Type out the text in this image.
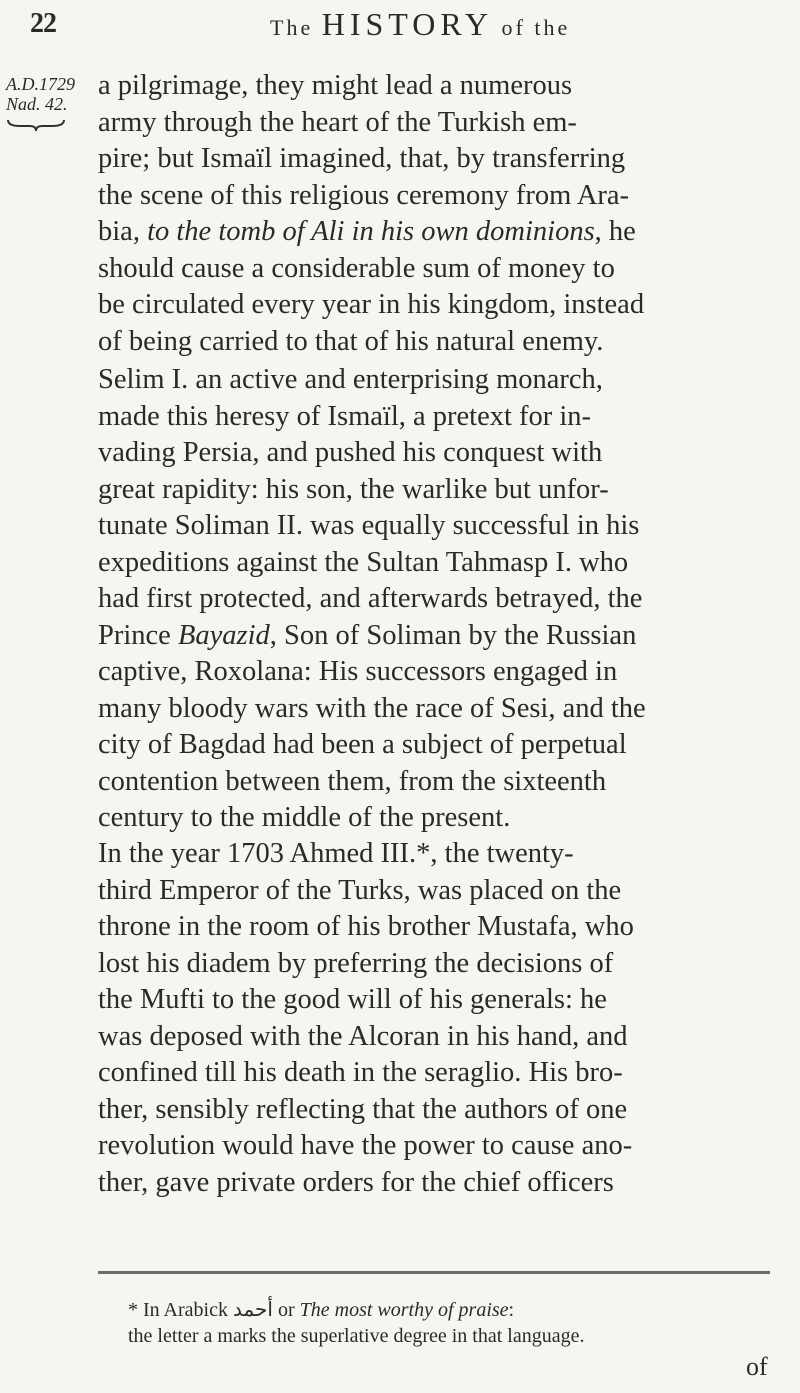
22	The HISTORY of the
A.D.1729
Nad. 42.
a pilgrimage, they might lead a numerous
army through the heart of the Turkish em-
pire; but Ismaïl imagined, that, by transferring
the scene of this religious ceremony from Ara-
bia, to the tomb of Ali in his own dominions, he
should cause a considerable sum of money to
be circulated every year in his kingdom, instead
of being carried to that of his natural enemy.
Selim I. an active and enterprising monarch,
made this heresy of Ismaïl, a pretext for in-
vading Persia, and pushed his conquest with
great rapidity: his son, the warlike but unfor-
tunate Soliman II. was equally successful in his
expeditions against the Sultan Tahmasp I. who
had first protected, and afterwards betrayed, the
Prince Bayazid, Son of Soliman by the Russian
captive, Roxolana: His successors engaged in
many bloody wars with the race of Sesi, and the
city of Bagdad had been a subject of perpetual
contention between them, from the sixteenth
century to the middle of the present.
In the year 1703 Ahmed III.*, the twenty-
third Emperor of the Turks, was placed on the
throne in the room of his brother Mustafa, who
lost his diadem by preferring the decisions of
the Mufti to the good will of his generals: he
was deposed with the Alcoran in his hand, and
confined till his death in the seraglio. His bro-
ther, sensibly reflecting that the authors of one
revolution would have the power to cause ano-
ther, gave private orders for the chief officers
* In Arabick أحمد or The most worthy of praise:
the letter a marks the superlative degree in that language.
of
